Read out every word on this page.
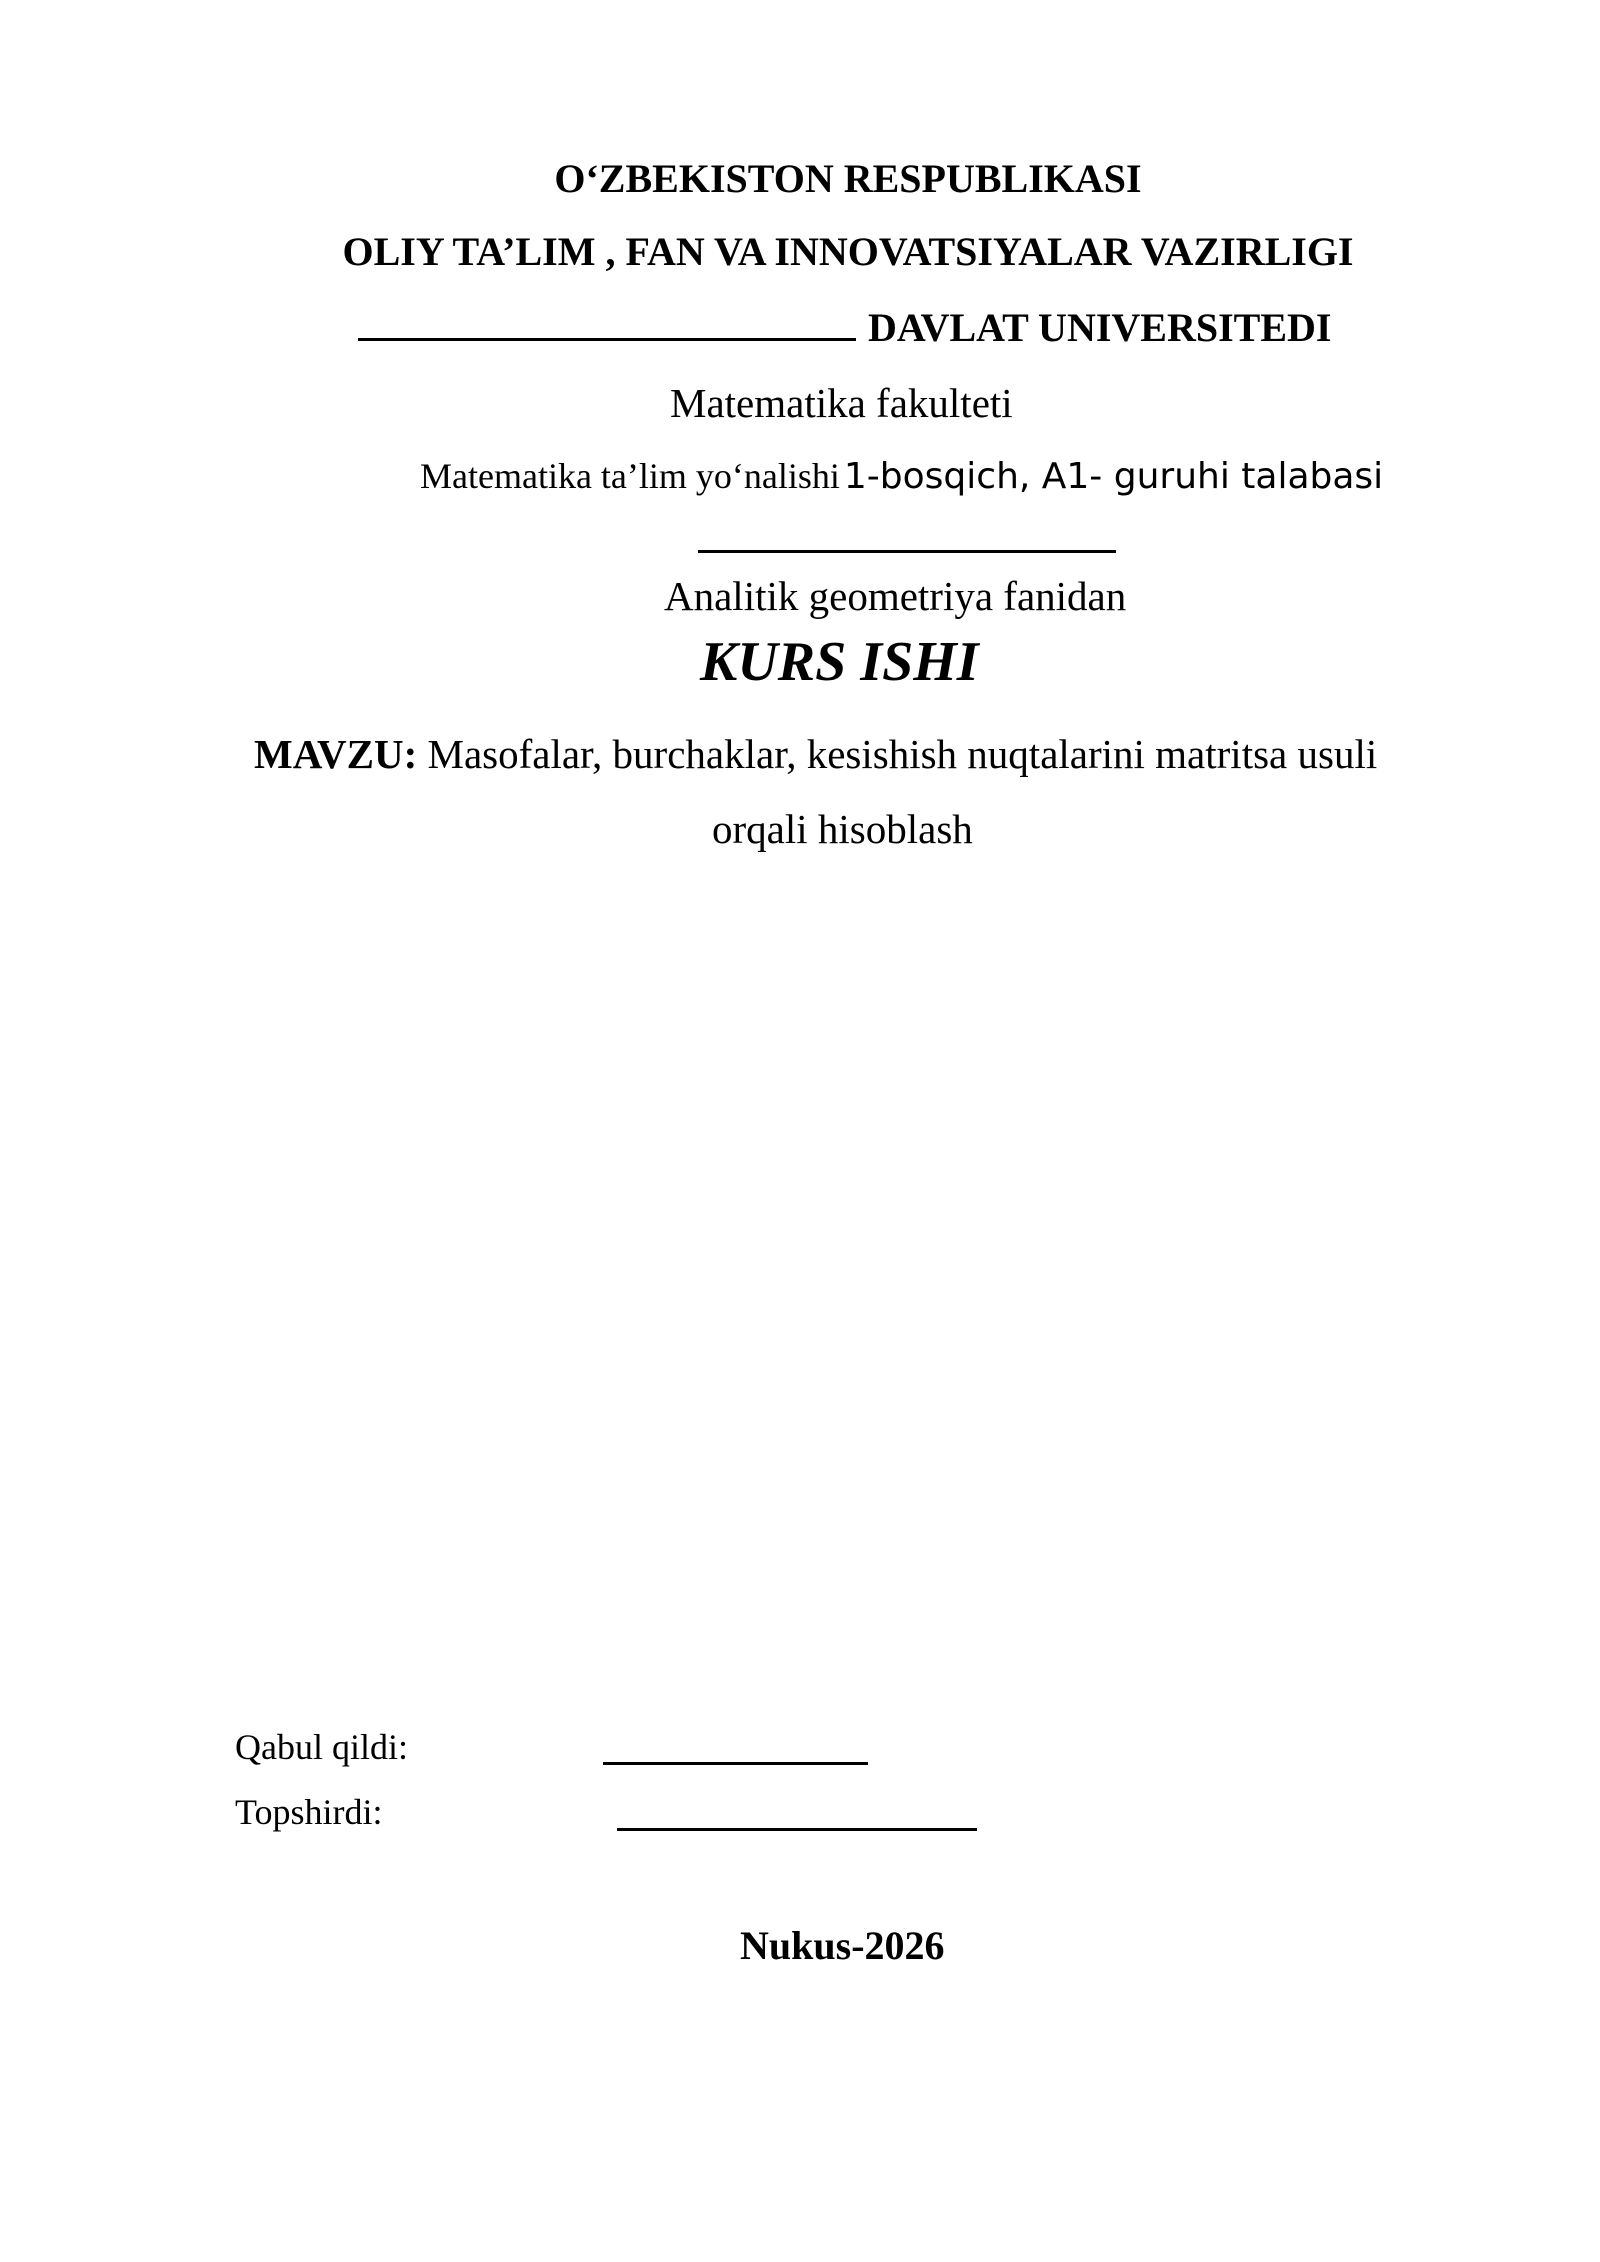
O‘ZBEKISTON RESPUBLIKASI
OLIY TA’LIM , FAN VA INNOVATSIYALAR VAZIRLIGI
DAVLAT UNIVERSITEDI
Matematika fakulteti
Matematika ta’lim yo‘nalishi 1-bosqich, A1- guruhi talabasi
Analitik geometriya fanidan
KURS ISHI
MAVZU: Masofalar, burchaklar, kesishish nuqtalarini matritsa usuli
orqali hisoblash
Qabul qildi:
Topshirdi:
Nukus-2026
